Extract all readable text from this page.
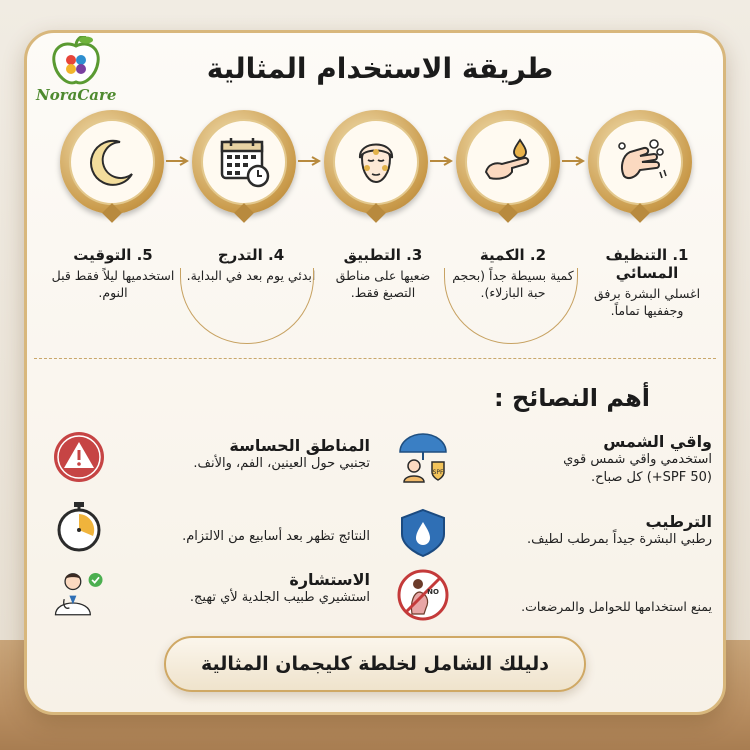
NoraCare
طريقة الاستخدام المثالية
1. التنظيف المسائي
اغسلي البشرة برفق وجففيها تماماً.
2. الكمية
كمية بسيطة جداً (بحجم حبة البازلاء).
3. التطبيق
ضعيها على مناطق التصبغ فقط.
4. التدرج
ابدئي يوم بعد في البداية.
5. التوقيت
استخدميها ليلاً فقط قبل النوم.
أهم النصائح :
SPF
واقي الشمس
استخدمي واقي شمس قوي
(SPF 50+) كل صباح.
الترطيب
رطبي البشرة جيداً بمرطب لطيف.
NO
يمنع استخدامها للحوامل والمرضعات.
المناطق الحساسة
تجنبي حول العينين، الفم، والأنف.
النتائج تظهر بعد أسابيع من الالتزام.
الاستشارة
استشيري طبيب الجلدية لأي تهيج.
دليلك الشامل لخلطة كليجمان المثالية
